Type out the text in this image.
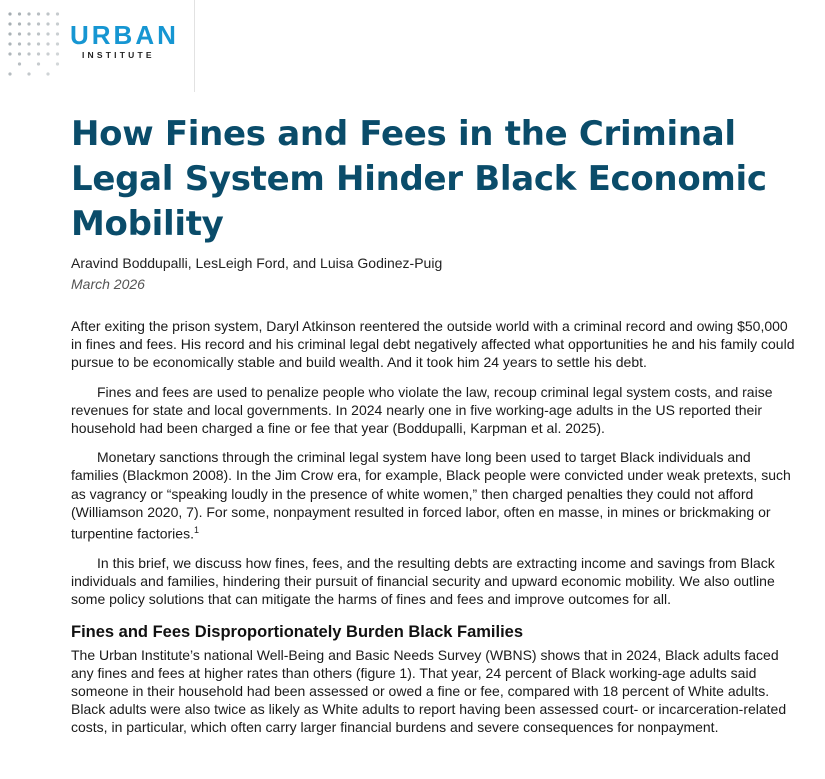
URBAN
INSTITUTE
How Fines and Fees in the Criminal Legal System Hinder Black Economic Mobility
Aravind Boddupalli, LesLeigh Ford, and Luisa Godinez-Puig
March 2026

After exiting the prison system, Daryl Atkinson reentered the outside world with a criminal record and owing $50,000 in fines and fees. His record and his criminal legal debt negatively affected what opportunities he and his family could pursue to be economically stable and build wealth. And it took him 24 years to settle his debt.

Fines and fees are used to penalize people who violate the law, recoup criminal legal system costs, and raise revenues for state and local governments. In 2024 nearly one in five working-age adults in the US reported their household had been charged a fine or fee that year (Boddupalli, Karpman et al. 2025).

Monetary sanctions through the criminal legal system have long been used to target Black individuals and families (Blackmon 2008). In the Jim Crow era, for example, Black people were convicted under weak pretexts, such as vagrancy or “speaking loudly in the presence of white women,” then charged penalties they could not afford (Williamson 2020, 7). For some, nonpayment resulted in forced labor, often en masse, in mines or brickmaking or turpentine factories.$^1$

In this brief, we discuss how fines, fees, and the resulting debts are extracting income and savings from Black individuals and families, hindering their pursuit of financial security and upward economic mobility. We also outline some policy solutions that can mitigate the harms of fines and fees and improve outcomes for all.

Fines and Fees Disproportionately Burden Black Families

The Urban Institute’s national Well-Being and Basic Needs Survey (WBNS) shows that in 2024, Black adults faced any fines and fees at higher rates than others (figure 1). That year, 24 percent of Black working-age adults said someone in their household had been assessed or owed a fine or fee, compared with 18 percent of White adults. Black adults were also twice as likely as White adults to report having been assessed court- or incarceration-related costs, in particular, which often carry larger financial burdens and severe consequences for nonpayment.
